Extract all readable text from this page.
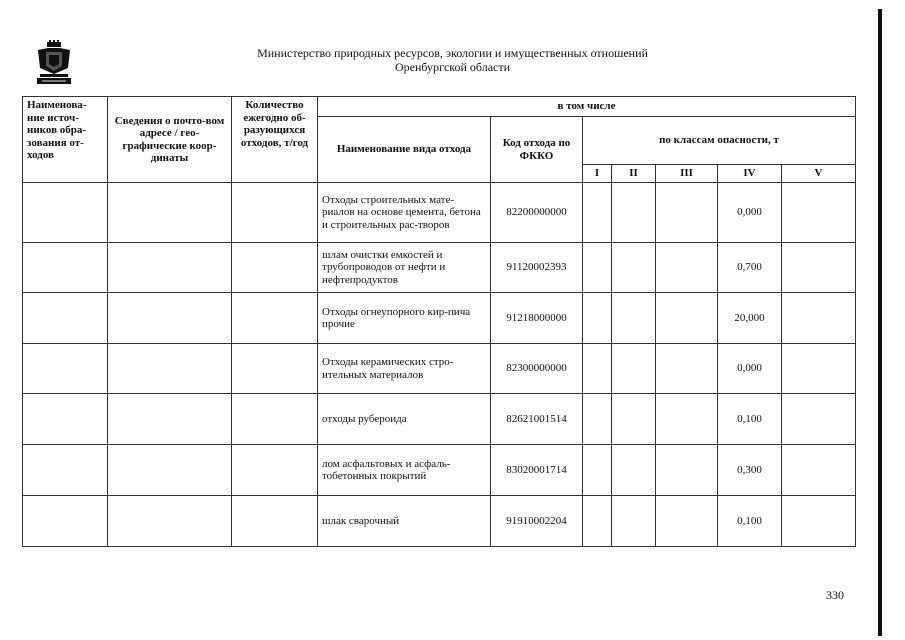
Министерство природных ресурсов, экологии и имущественных отношений
Оренбургской области
Наименова-ние источ-ников обра-зования от-ходов	Сведения о почто-вом адресе / гео-графические коор-динаты	Количество ежегодно об-разующихся отходов, т/год	в том числе						
			Наименование вида отхода	Код отхода по ФККО	по классам опасности, т				
					I	II	III	IV	V
			Отходы строительных мате-риалов на основе цемента, бетона и строительных рас-творов	82200000000				0,000	
			шлам очистки емкостей и трубопроводов от нефти и нефтепродуктов	91120002393				0,700	
			Отходы огнеупорного кир-пича прочие	91218000000				20,000	
			Отходы керамических стро-ительных материалов	82300000000				0,000	
			отходы рубероида	82621001514				0,100	
			лом асфальтовых и асфаль-тобетонных покрытий	83020001714				0,300	
			шлак сварочный	91910002204				0,100	
330
